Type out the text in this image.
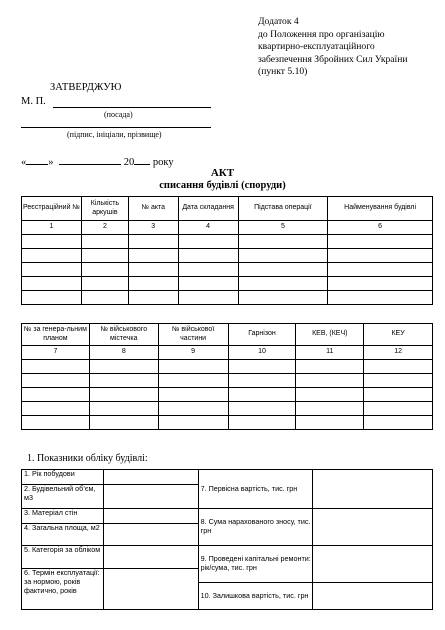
Додаток 4
до Положення про організацію
квартирно-експлуатаційного
забезпечення Збройних Сил України
(пункт 5.10)
ЗАТВЕРДЖУЮ
М. П.
(посада)
(підпис, ініціали, прізвище)
« »	20 року
АКТ
списання будівлі (споруди)
Реєстраційний №	Кількість аркушів	№ акта	Дата складання	Підстава операції	Найменування будівлі
1	2	3	4	5	6

№ за генера-льним планом	№ військового містечка	№ військової частини	Гарнізон	КЕВ, (КЕЧ)	КЕУ
7	8	9	10	11	12

1. Показники обліку будівлі:
1. Рік побудови		7. Первісна вартість, тис. грн	
2. Будівельний об’єм, м3			
3. Матеріал стін		8. Сума нарахованого зносу, тис. грн	
4. Загальна площа, м2			
5. Категорія за обліком		9. Проведені капітальні ремонти: рік/сума, тис. грн	
6. Термін експлуатації: за нормою, років фактично, років			
		10. Залишкова вартість, тис. грн	
